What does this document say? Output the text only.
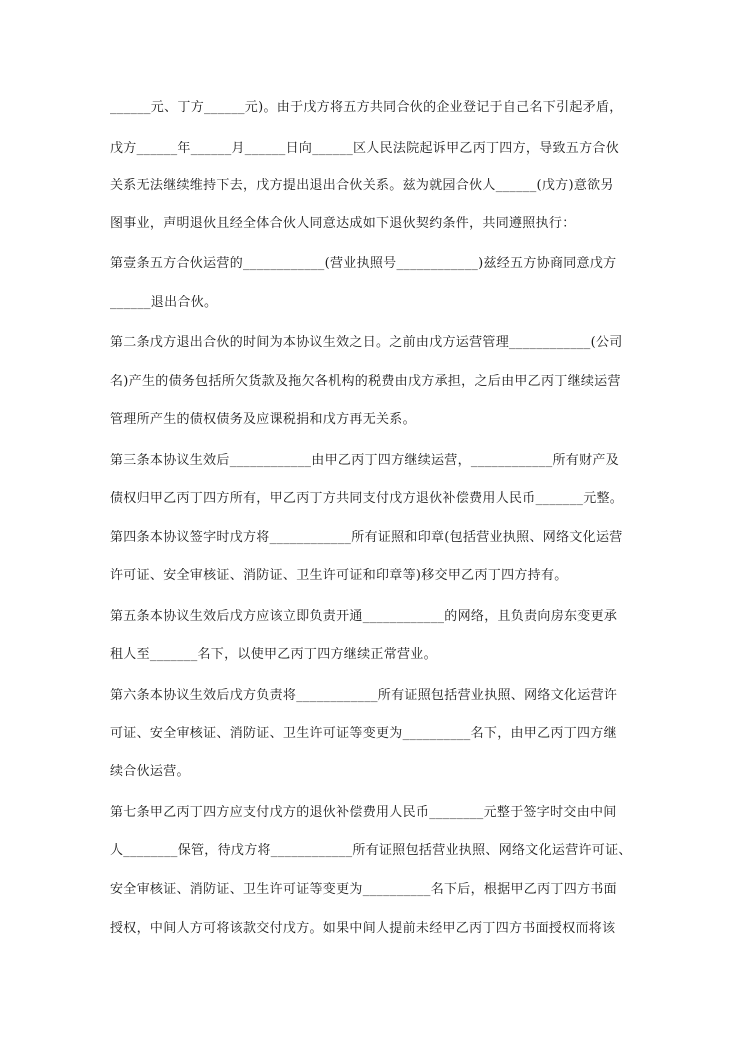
______元、丁方______元)。由于戊方将五方共同合伙的企业登记于自己名下引起矛盾，
戊方______年______月______日向______区人民法院起诉甲乙丙丁四方，导致五方合伙
关系无法继续维持下去，戊方提出退出合伙关系。兹为就园合伙人______(戊方)意欲另
图事业，声明退伙且经全体合伙人同意达成如下退伙契约条件，共同遵照执行：
第壹条五方合伙运营的____________(营业执照号____________)兹经五方协商同意戊方
______退出合伙。
第二条戊方退出合伙的时间为本协议生效之日。之前由戊方运营管理____________(公司
名)产生的债务包括所欠货款及拖欠各机构的税费由戊方承担，之后由甲乙丙丁继续运营
管理所产生的债权债务及应课税捐和戊方再无关系。
第三条本协议生效后____________由甲乙丙丁四方继续运营，____________所有财产及
债权归甲乙丙丁四方所有，甲乙丙丁方共同支付戊方退伙补偿费用人民币_______元整。
第四条本协议签字时戊方将____________所有证照和印章(包括营业执照、网络文化运营
许可证、安全审核证、消防证、卫生许可证和印章等)移交甲乙丙丁四方持有。
第五条本协议生效后戊方应该立即负责开通____________的网络，且负责向房东变更承
租人至_______名下，以使甲乙丙丁四方继续正常营业。
第六条本协议生效后戊方负责将____________所有证照包括营业执照、网络文化运营许
可证、安全审核证、消防证、卫生许可证等变更为__________名下，由甲乙丙丁四方继
续合伙运营。
第七条甲乙丙丁四方应支付戊方的退伙补偿费用人民币________元整于签字时交由中间
人________保管，待戊方将____________所有证照包括营业执照、网络文化运营许可证、
安全审核证、消防证、卫生许可证等变更为__________名下后，根据甲乙丙丁四方书面
授权，中间人方可将该款交付戊方。如果中间人提前未经甲乙丙丁四方书面授权而将该
